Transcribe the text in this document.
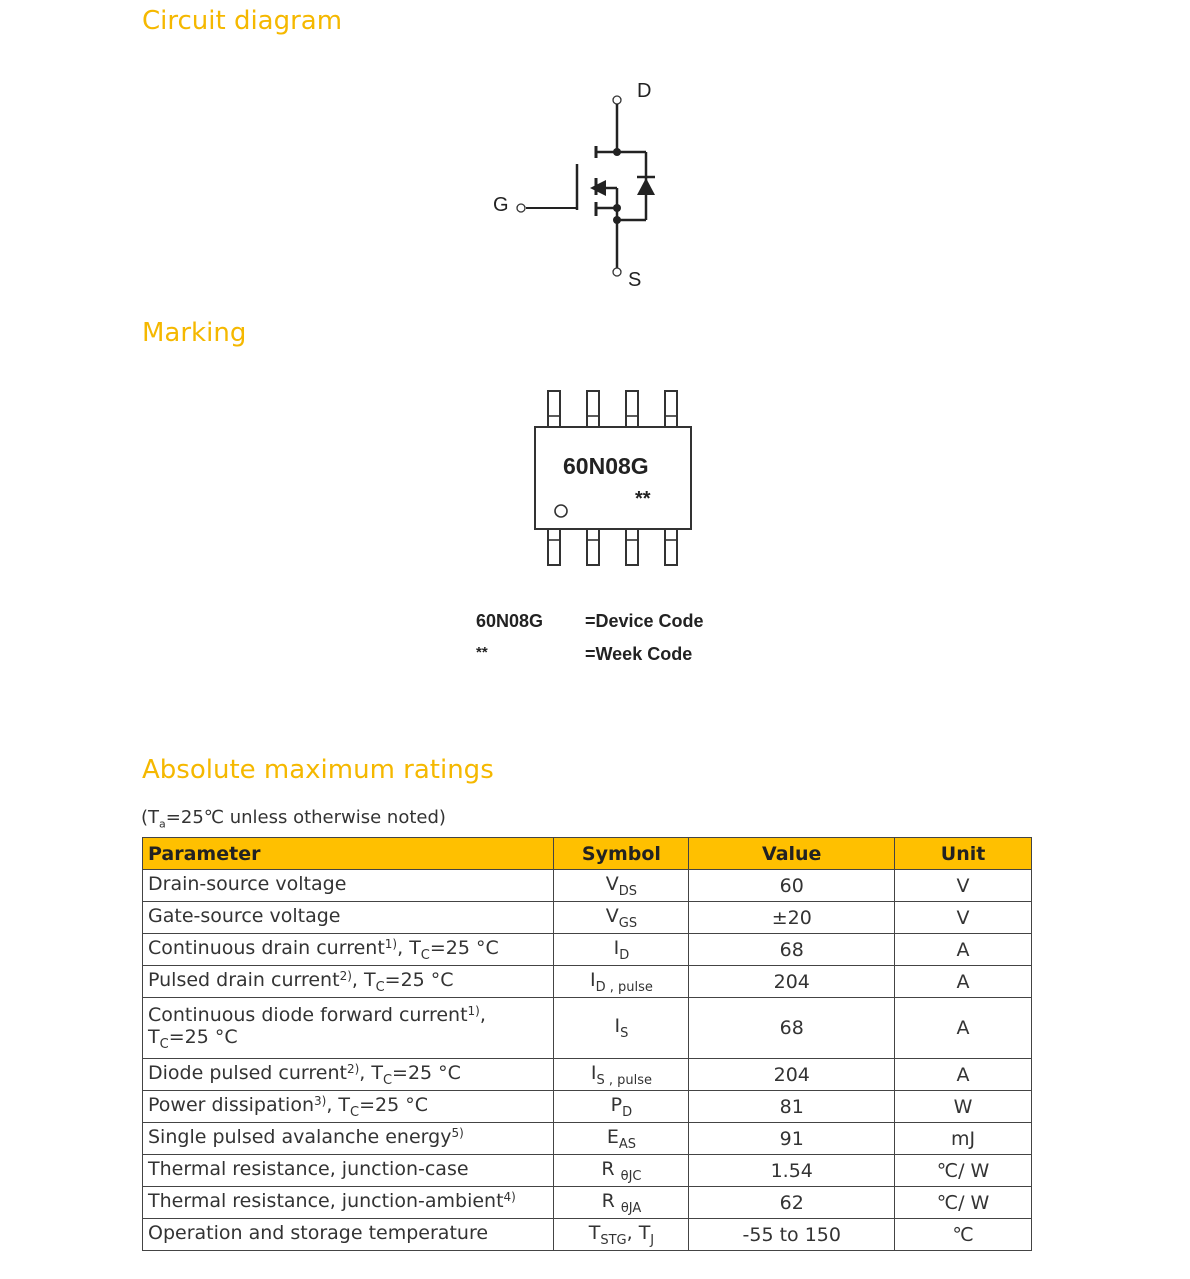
Circuit diagram
D
S
G
Marking
60N08G
**
60N08G =Device Code
**	=Week Code
Absolute maximum ratings
($T_a=25℃$ unless otherwise noted)
Parameter	Symbol	Value	Unit
Drain-source voltage	$V_{DS}$	60	V
Gate-source voltage	$V_{GS}$	±20	V
Continuous drain current$^{1)}$, $T_C=25$ °C	$I_D$	68	A
Pulsed drain current$^{2)}$, $T_C=25$ °C	$I_{D , pulse}$	204	A
Continuous diode forward current$^{1)}$, $T_C=25$ °C	$I_S$	68	A
Diode pulsed current$^{2)}$, $T_C=25$ °C	$I_{S , pulse}$	204	A
Power dissipation$^{3)}$, $T_C=25$ °C	$P_D$	81	W
Single pulsed avalanche energy$^{5)}$	$E_{AS}$	91	mJ
Thermal resistance, junction-case	R $_{\theta JC}$	1.54	℃/ W
Thermal resistance, junction-ambient$^{4)}$	R $_{\theta JA}$	62	℃/ W
Operation and storage temperature	$T_{STG}$, $T_J$	-55 to 150	℃
